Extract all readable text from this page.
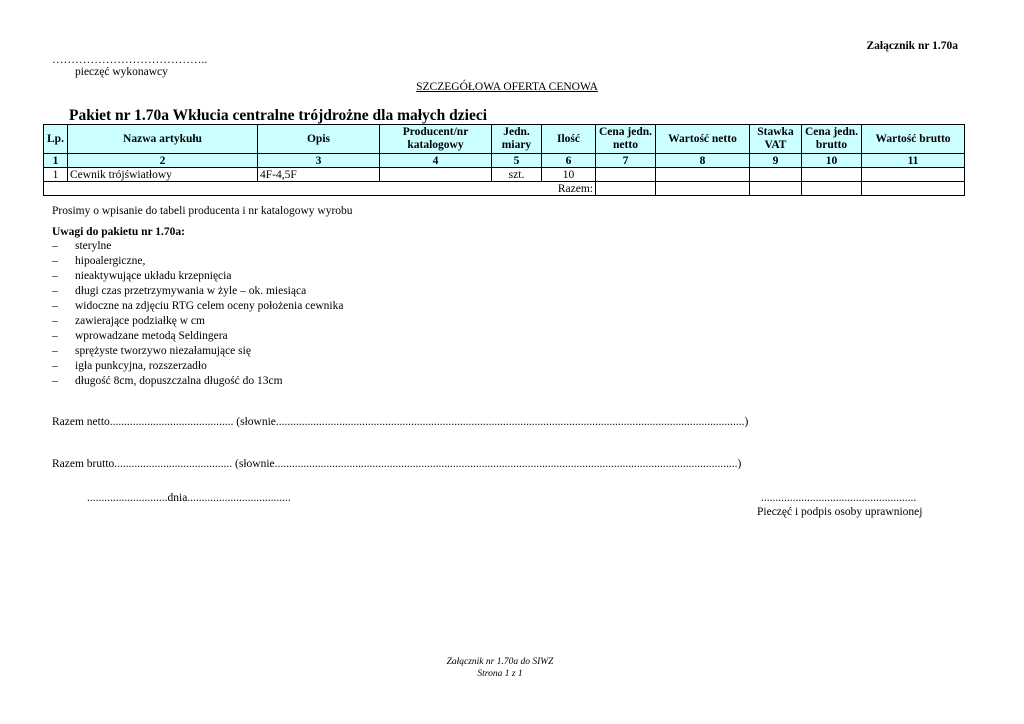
Załącznik nr 1.70a
…………………………………..
pieczęć wykonawcy
SZCZEGÓŁOWA OFERTA CENOWA
Pakiet nr 1.70a Wkłucia centralne trójdrożne dla małych dzieci
Lp.	Nazwa artykułu	Opis	Producent/nr katalogowy	Jedn. miary	Ilość	Cena jedn. netto	Wartość netto	Stawka VAT	Cena jedn. brutto	Wartość brutto
1	2	3	4	5	6	7	8	9	10	11
1	Cewnik trójświatłowy	4F-4,5F		szt.	10					
Razem:										
Prosimy o wpisanie do tabeli producenta i nr katalogowy wyrobu
Uwagi do pakietu nr 1.70a:
– sterylne
– hipoalergiczne,
– nieaktywujące układu krzepnięcia
– długi czas przetrzymywania w żyle – ok. miesiąca
– widoczne na zdjęciu RTG celem oceny położenia cewnika
– zawierające podziałkę w cm
– wprowadzane metodą Seldingera
– sprężyste tworzywo niezałamujące się
– igła punkcyjna, rozszerzadło
– długość 8cm, dopuszczalna długość do 13cm
Razem netto........................................... (słownie...................................................................................................................................................................)
Razem brutto......................................... (słownie.................................................................................................................................................................)
............................dnia....................................	......................................................
Pieczęć i podpis osoby uprawnionej
Załącznik nr 1.70a do SIWZ
Strona 1 z 1
